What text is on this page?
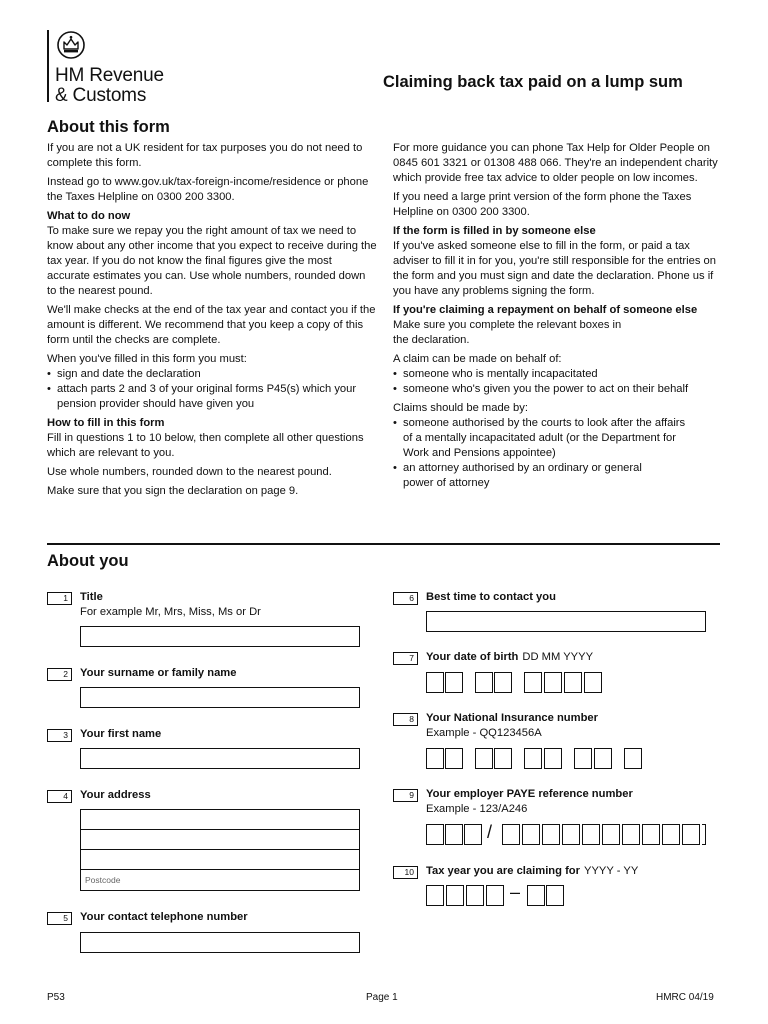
HM Revenue
& Customs
Claiming back tax paid on a lump sum
About this form

If you are not a UK resident for tax purposes you do not need to complete this form.

Instead go to www.gov.uk/tax-foreign-income/residence or phone the Taxes Helpline on 0300 200 3300.

What to do now

To make sure we repay you the right amount of tax we need to know about any other income that you expect to receive during the tax year. If you do not know the final figures give the most accurate estimates you can. Use whole numbers, rounded down to the nearest pound.

We'll make checks at the end of the tax year and contact you if the amount is different. We recommend that you keep a copy of this form until the checks are complete.

When you've filled in this form you must:

• sign and date the declaration
• attach parts 2 and 3 of your original forms P45(s) which your pension provider should have given you

How to fill in this form

Fill in questions 1 to 10 below, then complete all other questions which are relevant to you.

Use whole numbers, rounded down to the nearest pound.

Make sure that you sign the declaration on page 9.

For more guidance you can phone Tax Help for Older People on 0845 601 3321 or 01308 488 066. They're an independent charity which provide free tax advice to older people on low incomes.

If you need a large print version of the form phone the Taxes Helpline on 0300 200 3300.

If the form is filled in by someone else

If you've asked someone else to fill in the form, or paid a tax adviser to fill it in for you, you're still responsible for the entries on the form and you must sign and date the declaration. Phone us if you have any problems signing the form.

If you're claiming a repayment on behalf of someone else

Make sure you complete the relevant boxes in the declaration.

A claim can be made on behalf of:

• someone who is mentally incapacitated
• someone who's given you the power to act on their behalf

Claims should be made by:

• someone authorised by the courts to look after the affairs of a mentally incapacitated adult (or the Department for Work and Pensions appointee)
• an attorney authorised by an ordinary or general power of attorney
About you
1	Title
For example Mr, Mrs, Miss, Ms or Dr
2	Your surname or family name
3	Your first name
4	Your address
Postcode
5	Your contact telephone number
6	Best time to contact you
7	Your date of birth DD MM YYYY
8	Your National Insurance number
Example - QQ123456A
9	Your employer PAYE reference number
Example - 123/A246
/
10	Tax year you are claiming for YYYY - YY
–
P53	Page 1	HMRC 04/19
